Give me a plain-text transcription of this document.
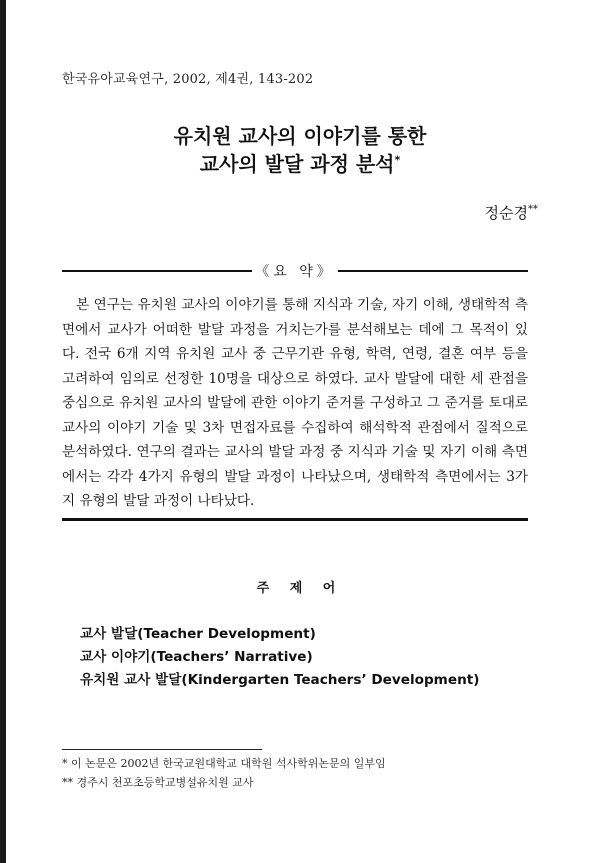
한국유아교육연구, 2002, 제4권, 143-202
유치원 교사의 이야기를 통한
교사의 발달 과정 분석*
정순경**
《요 약》
본 연구는 유치원 교사의 이야기를 통해 지식과 기술, 자기 이해, 생태학적 측면에서 교사가 어떠한 발달 과정을 거치는가를 분석해보는 데에 그 목적이 있다. 전국 6개 지역 유치원 교사 중 근무기관 유형, 학력, 연령, 결혼 여부 등을 고려하여 임의로 선정한 10명을 대상으로 하였다. 교사 발달에 대한 세 관점을 중심으로 유치원 교사의 발달에 관한 이야기 준거를 구성하고 그 준거를 토대로 교사의 이야기 기술 및 3차 면접자료를 수집하여 해석학적 관점에서 질적으로 분석하였다. 연구의 결과는 교사의 발달 과정 중 지식과 기술 및 자기 이해 측면에서는 각각 4가지 유형의 발달 과정이 나타났으며, 생태학적 측면에서는 3가지 유형의 발달 과정이 나타났다.
주 제 어
교사 발달(Teacher Development)
교사 이야기(Teachers’ Narrative)
유치원 교사 발달(Kindergarten Teachers’ Development)
* 이 논문은 2002년 한국교원대학교 대학원 석사학위논문의 일부임
** 경주시 천포초등학교병설유치원 교사
